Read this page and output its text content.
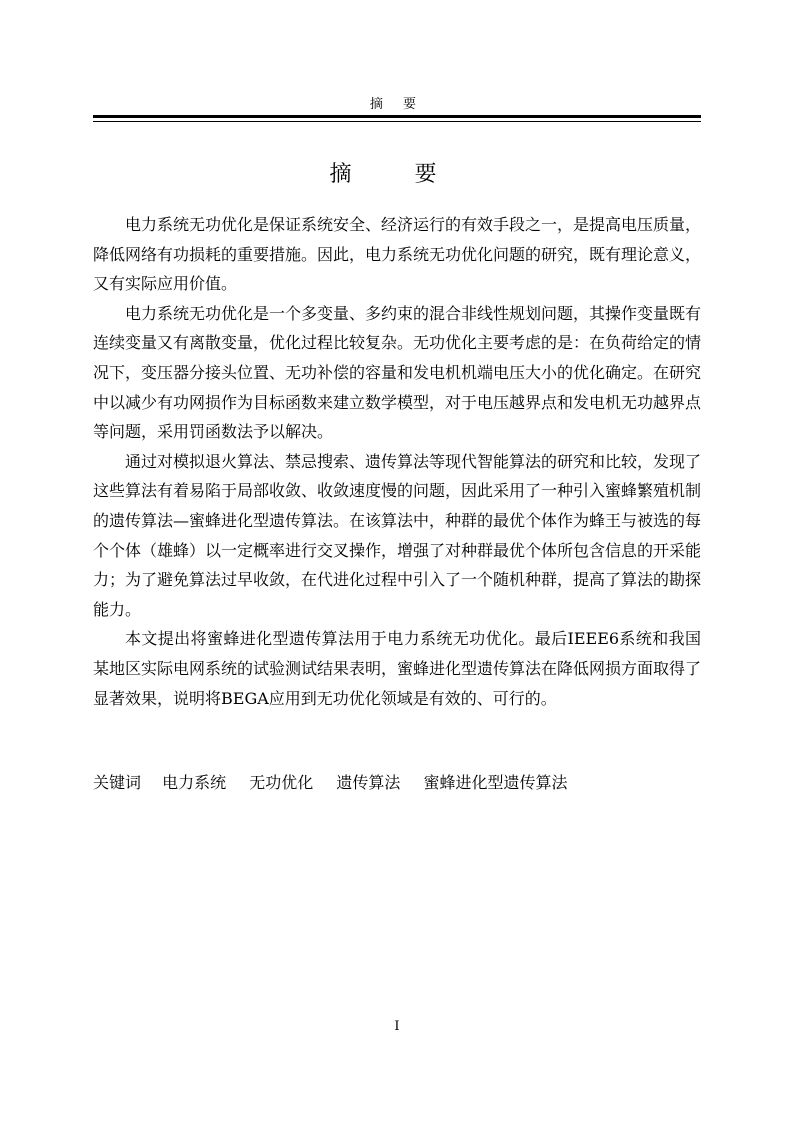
摘 要
摘 要

电力系统无功优化是保证系统安全、经济运行的有效手段之一，是提高电压质量，降低网络有功损耗的重要措施。因此，电力系统无功优化问题的研究，既有理论意义，又有实际应用价值。

电力系统无功优化是一个多变量、多约束的混合非线性规划问题，其操作变量既有连续变量又有离散变量，优化过程比较复杂。无功优化主要考虑的是：在负荷给定的情况下，变压器分接头位置、无功补偿的容量和发电机机端电压大小的优化确定。在研究中以减少有功网损作为目标函数来建立数学模型，对于电压越界点和发电机无功越界点等问题，采用罚函数法予以解决。

通过对模拟退火算法、禁忌搜索、遗传算法等现代智能算法的研究和比较，发现了这些算法有着易陷于局部收敛、收敛速度慢的问题，因此采用了一种引入蜜蜂繁殖机制的遗传算法—蜜蜂进化型遗传算法。在该算法中，种群的最优个体作为蜂王与被选的每个个体（雄蜂）以一定概率进行交叉操作，增强了对种群最优个体所包含信息的开采能力；为了避免算法过早收敛，在代进化过程中引入了一个随机种群，提高了算法的勘探能力。

本文提出将蜜蜂进化型遗传算法用于电力系统无功优化。最后IEEE6系统和我国某地区实际电网系统的试验测试结果表明，蜜蜂进化型遗传算法在降低网损方面取得了显著效果，说明将BEGA应用到无功优化领域是有效的、可行的。

关键词 电力系统 无功优化 遗传算法 蜜蜂进化型遗传算法
I
